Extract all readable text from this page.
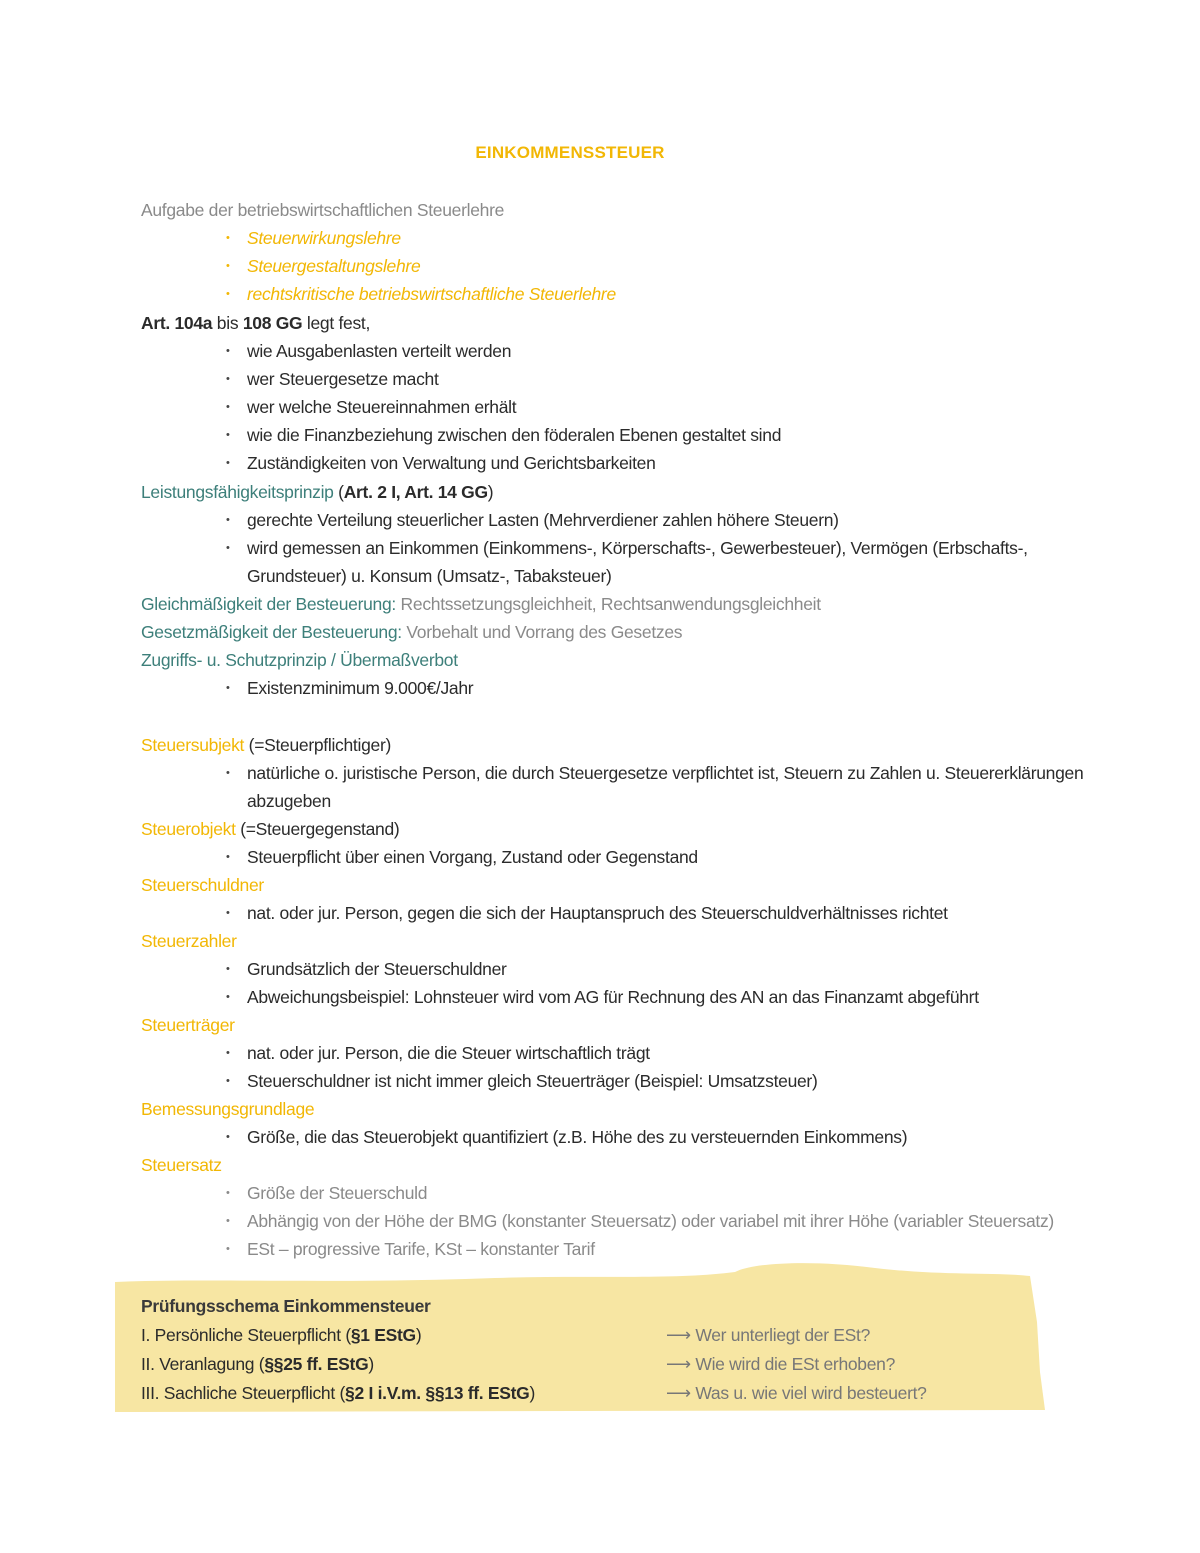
EINKOMMENSSTEUER
Aufgabe der betriebswirtschaftlichen Steuerlehre
• Steuerwirkungslehre
• Steuergestaltungslehre
• rechtskritische betriebswirtschaftliche Steuerlehre
Art. 104a bis 108 GG legt fest,
• wie Ausgabenlasten verteilt werden
• wer Steuergesetze macht
• wer welche Steuereinnahmen erhält
• wie die Finanzbeziehung zwischen den föderalen Ebenen gestaltet sind
• Zuständigkeiten von Verwaltung und Gerichtsbarkeiten
Leistungsfähigkeitsprinzip (Art. 2 I, Art. 14 GG)
• gerechte Verteilung steuerlicher Lasten (Mehrverdiener zahlen höhere Steuern)
• wird gemessen an Einkommen (Einkommens-, Körperschafts-, Gewerbesteuer), Vermögen (Erbschafts-,
Grundsteuer) u. Konsum (Umsatz-, Tabaksteuer)
Gleichmäßigkeit der Besteuerung: Rechtssetzungsgleichheit, Rechtsanwendungsgleichheit
Gesetzmäßigkeit der Besteuerung: Vorbehalt und Vorrang des Gesetzes
Zugriffs- u. Schutzprinzip / Übermaßverbot
• Existenzminimum 9.000€/Jahr
Steuersubjekt (=Steuerpflichtiger)
• natürliche o. juristische Person, die durch Steuergesetze verpflichtet ist, Steuern zu Zahlen u. Steuererklärungen
abzugeben
Steuerobjekt (=Steuergegenstand)
• Steuerpflicht über einen Vorgang, Zustand oder Gegenstand
Steuerschuldner
• nat. oder jur. Person, gegen die sich der Hauptanspruch des Steuerschuldverhältnisses richtet
Steuerzahler
• Grundsätzlich der Steuerschuldner
• Abweichungsbeispiel: Lohnsteuer wird vom AG für Rechnung des AN an das Finanzamt abgeführt
Steuerträger
• nat. oder jur. Person, die die Steuer wirtschaftlich trägt
• Steuerschuldner ist nicht immer gleich Steuerträger (Beispiel: Umsatzsteuer)
Bemessungsgrundlage
• Größe, die das Steuerobjekt quantifiziert (z.B. Höhe des zu versteuernden Einkommens)
Steuersatz
• Größe der Steuerschuld
• Abhängig von der Höhe der BMG (konstanter Steuersatz) oder variabel mit ihrer Höhe (variabler Steuersatz)
• ESt – progressive Tarife, KSt – konstanter Tarif
Prüfungsschema Einkommensteuer
I. Persönliche Steuerpflicht (§1 EStG)	⟶ Wer unterliegt der ESt?
II. Veranlagung (§§25 ff. EStG)	⟶ Wie wird die ESt erhoben?
III. Sachliche Steuerpflicht (§2 I i.V.m. §§13 ff. EStG)	⟶ Was u. wie viel wird besteuert?
